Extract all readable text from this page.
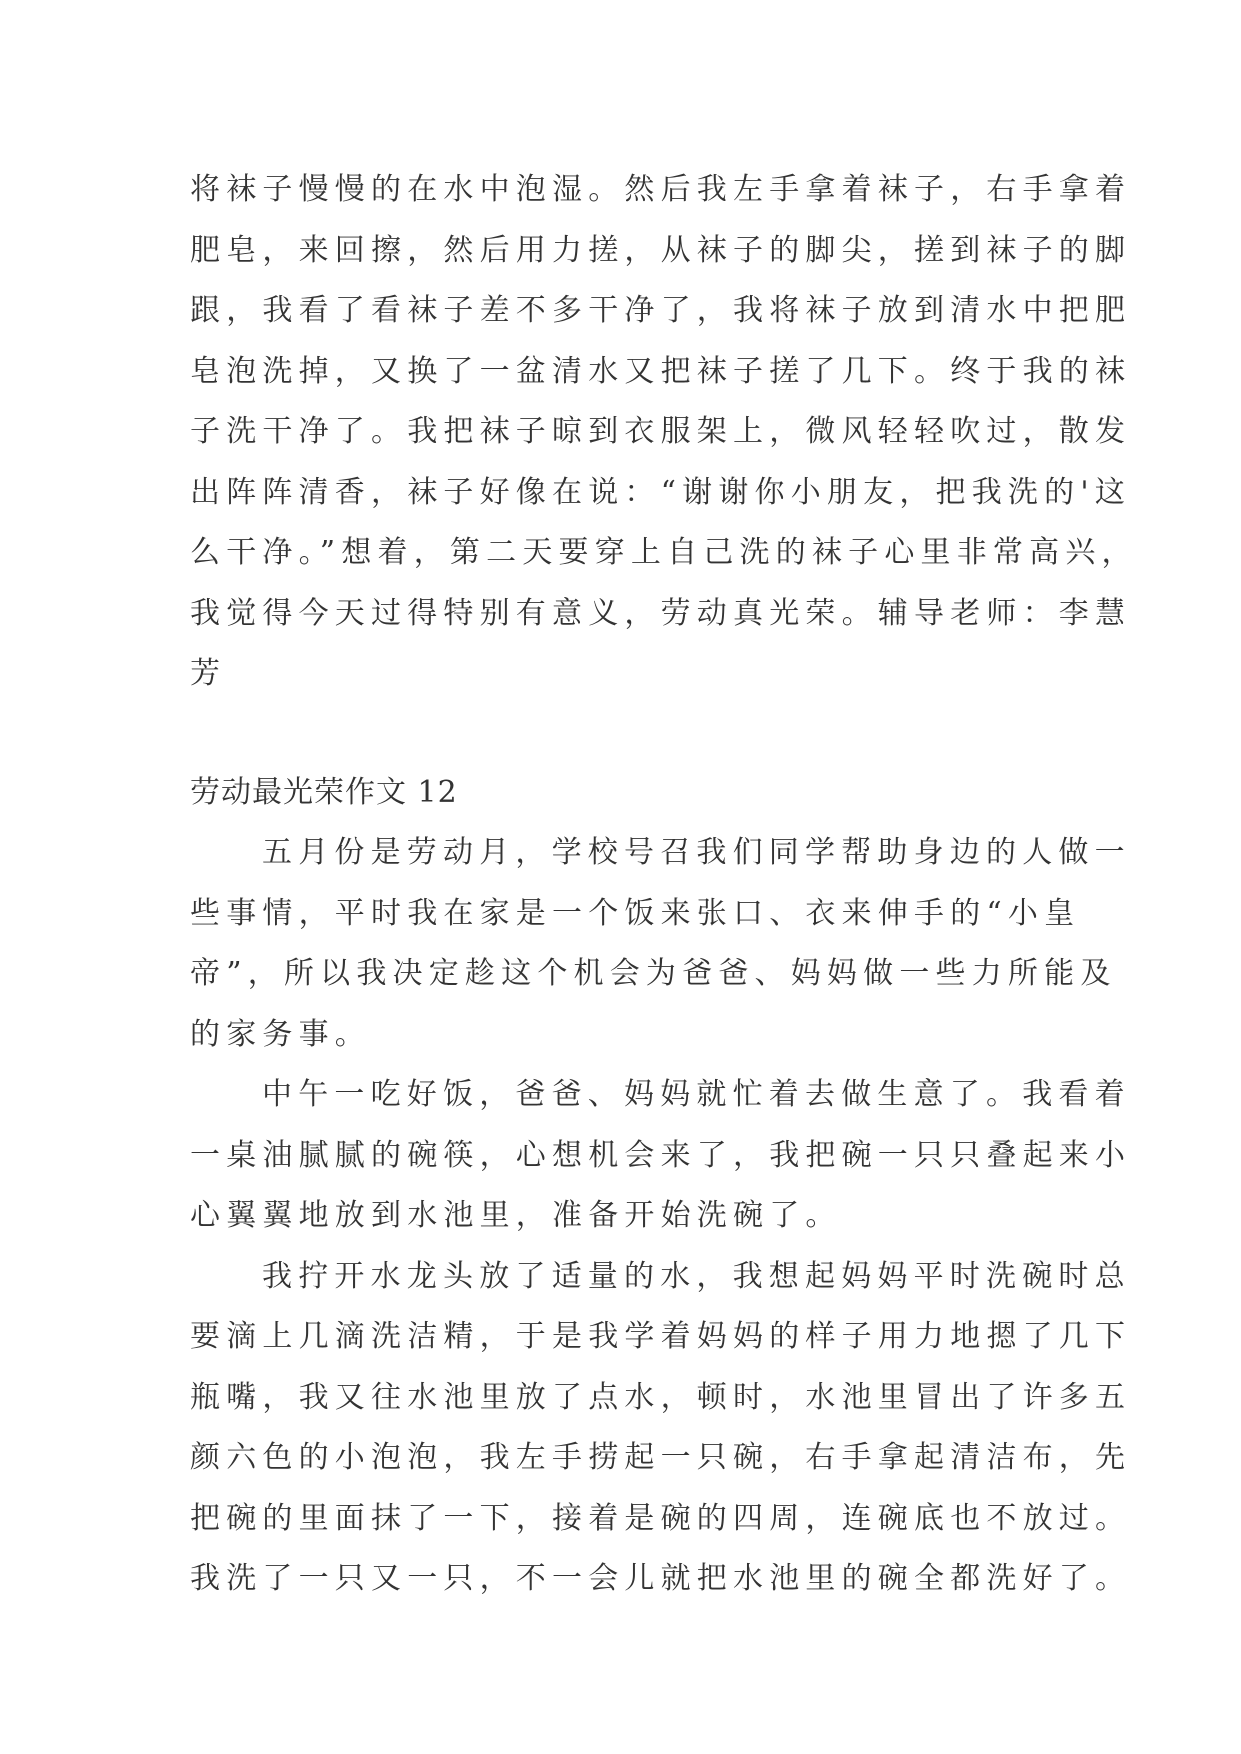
将袜子慢慢的在水中泡湿。然后我左手拿着袜子，右手拿着
肥皂，来回擦，然后用力搓，从袜子的脚尖，搓到袜子的脚
跟，我看了看袜子差不多干净了，我将袜子放到清水中把肥
皂泡洗掉，又换了一盆清水又把袜子搓了几下。终于我的袜
子洗干净了。我把袜子晾到衣服架上，微风轻轻吹过，散发
出阵阵清香，袜子好像在说：“谢谢你小朋友，把我洗的'这
么干净。”想着，第二天要穿上自己洗的袜子心里非常高兴，
我觉得今天过得特别有意义，劳动真光荣。辅导老师：李慧
芳
劳动最光荣作文 12
五月份是劳动月，学校号召我们同学帮助身边的人做一
些事情，平时我在家是一个饭来张口、衣来伸手的“小皇
帝”，所以我决定趁这个机会为爸爸、妈妈做一些力所能及
的家务事。
中午一吃好饭，爸爸、妈妈就忙着去做生意了。我看着
一桌油腻腻的碗筷，心想机会来了，我把碗一只只叠起来小
心翼翼地放到水池里，准备开始洗碗了。
我拧开水龙头放了适量的水，我想起妈妈平时洗碗时总
要滴上几滴洗洁精，于是我学着妈妈的样子用力地摁了几下
瓶嘴，我又往水池里放了点水，顿时，水池里冒出了许多五
颜六色的小泡泡，我左手捞起一只碗，右手拿起清洁布，先
把碗的里面抹了一下，接着是碗的四周，连碗底也不放过。
我洗了一只又一只，不一会儿就把水池里的碗全都洗好了。
